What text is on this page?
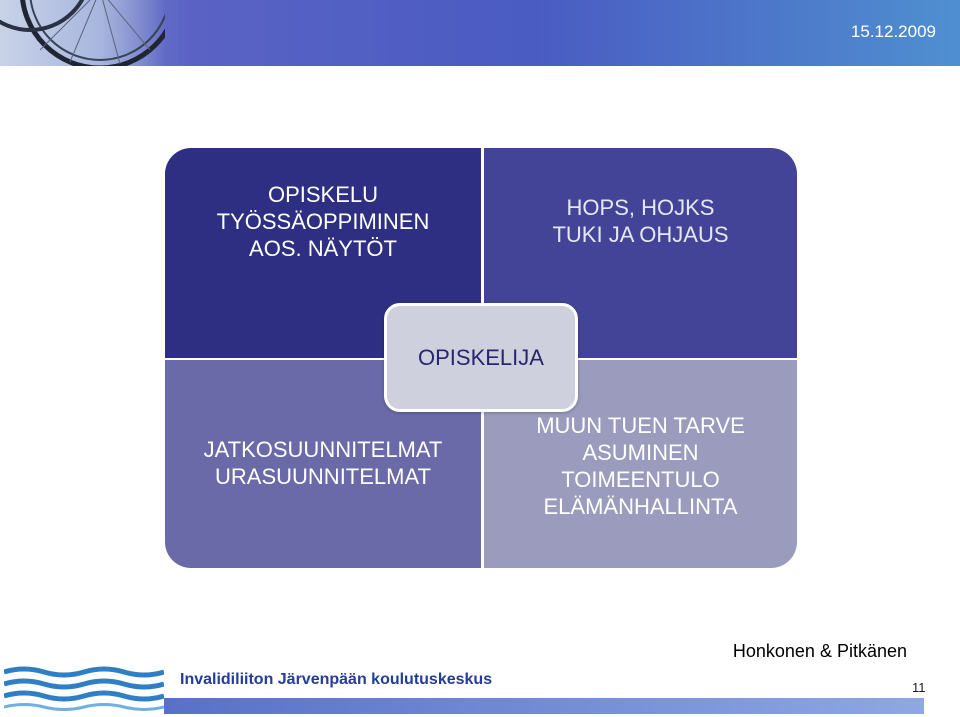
15.12.2009
OPISKELU
TYÖSSÄOPPIMINEN
AOS. NÄYTÖT
HOPS, HOJKS
TUKI JA OHJAUS
JATKOSUUNNITELMAT
URASUUNNITELMAT
MUUN TUEN TARVE
ASUMINEN
TOIMEENTULO
ELÄMÄNHALLINTA
OPISKELIJA
Invalidiliiton Järvenpään koulutuskeskus
Honkonen & Pitkänen
11
